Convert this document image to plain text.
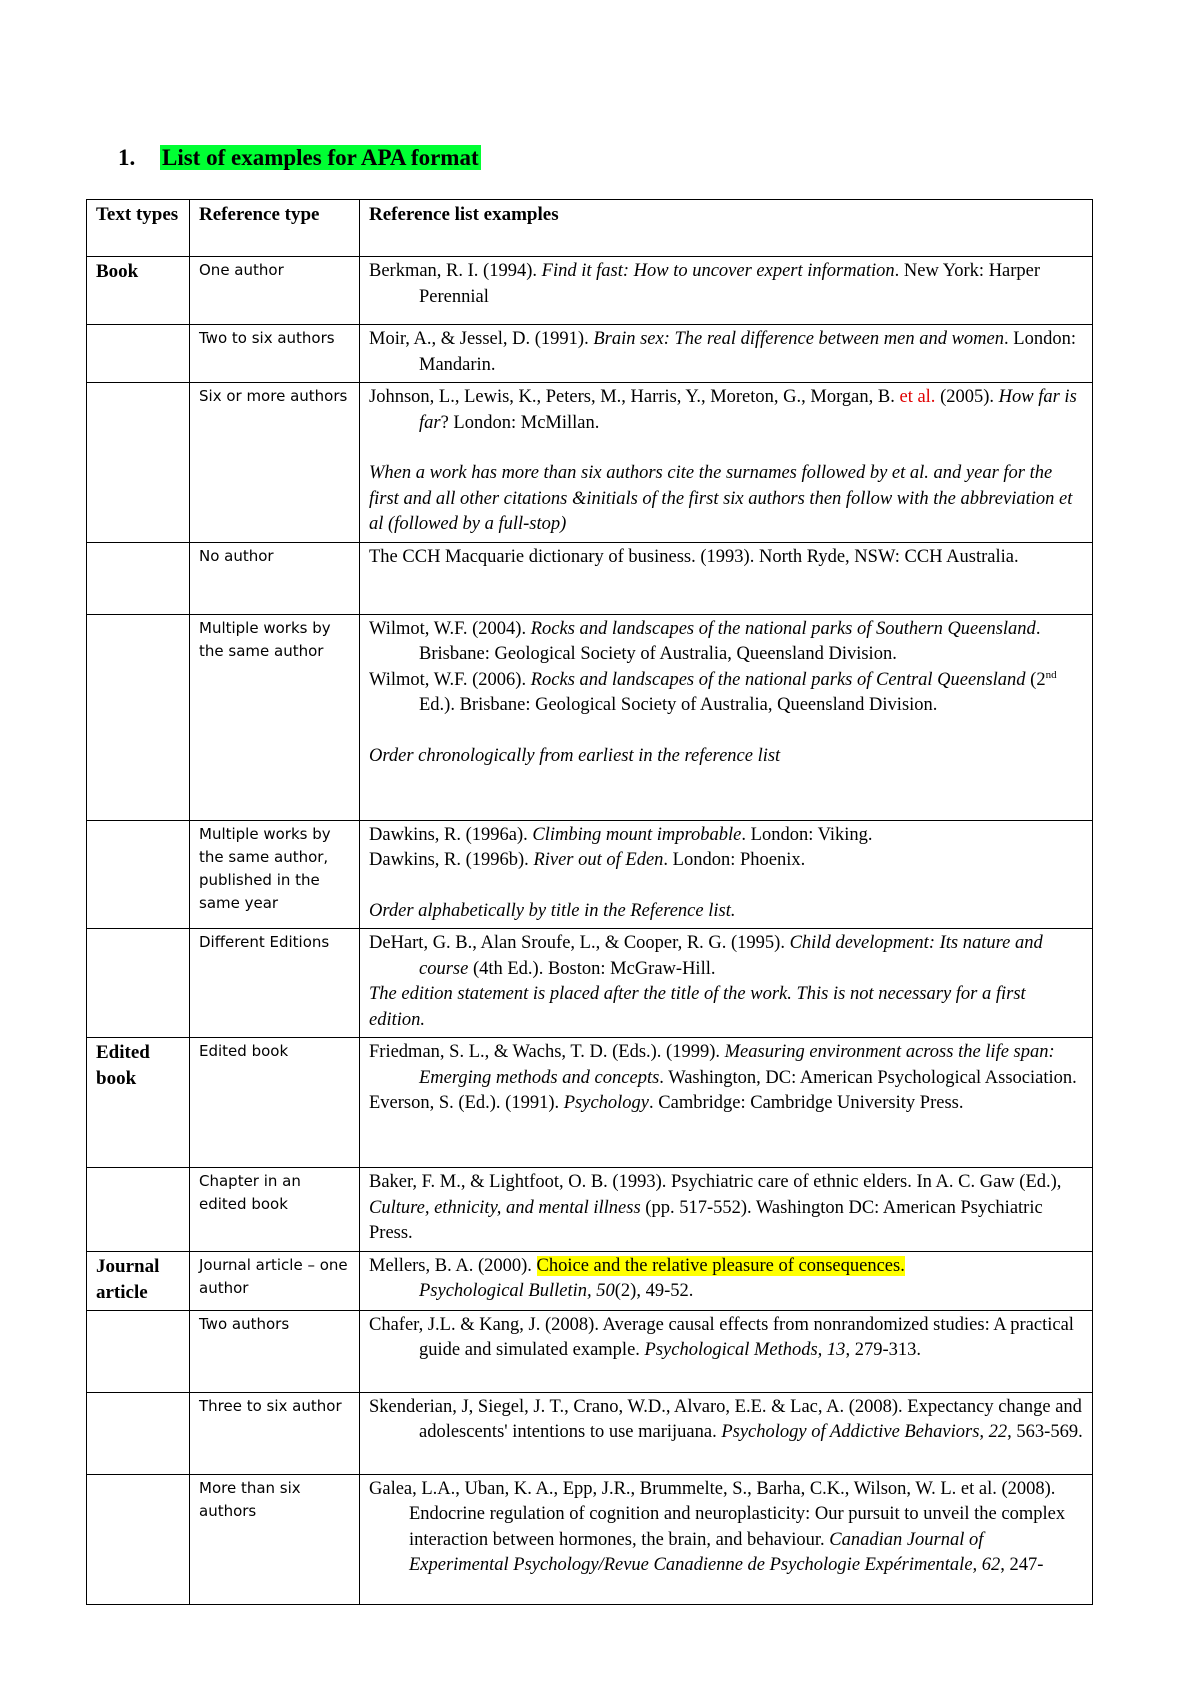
1. List of examples for APA format
Text types	Reference type	Reference list examples
Book	One author	Berkman, R. I. (1994). Find it fast: How to uncover expert information. New York: Harper Perennial

	Two to six authors	Moir, A., & Jessel, D. (1991). Brain sex: The real difference between men and women. London: Mandarin.

	Six or more authors	Johnson, L., Lewis, K., Peters, M., Harris, Y., Moreton, G., Morgan, B. et al. (2005). How far is far? London: McMillan.

When a work has more than six authors cite the surnames followed by et al. and year for the first and all other citations &initials of the first six authors then follow with the abbreviation et al (followed by a full-stop)

	No author	The CCH Macquarie dictionary of business. (1993). North Ryde, NSW: CCH Australia.

	Multiple works by the same author	Wilmot, W.F. (2004). Rocks and landscapes of the national parks of Southern Queensland. Brisbane: Geological Society of Australia, Queensland Division.

Wilmot, W.F. (2006). Rocks and landscapes of the national parks of Central Queensland (2nd Ed.). Brisbane: Geological Society of Australia, Queensland Division.

Order chronologically from earliest in the reference list

	Multiple works by the same author, published in the same year	Dawkins, R. (1996a). Climbing mount improbable. London: Viking.

Dawkins, R. (1996b). River out of Eden. London: Phoenix.

Order alphabetically by title in the Reference list.

	Different Editions	DeHart, G. B., Alan Sroufe, L., & Cooper, R. G. (1995). Child development: Its nature and course (4th Ed.). Boston: McGraw-Hill.

The edition statement is placed after the title of the work. This is not necessary for a first edition.

Edited book	Edited book	Friedman, S. L., & Wachs, T. D. (Eds.). (1999). Measuring environment across the life span: Emerging methods and concepts. Washington, DC: American Psychological Association.

Everson, S. (Ed.). (1991). Psychology. Cambridge: Cambridge University Press.

	Chapter in an edited book	Baker, F. M., & Lightfoot, O. B. (1993). Psychiatric care of ethnic elders. In A. C. Gaw (Ed.), Culture, ethnicity, and mental illness (pp. 517-552). Washington DC: American Psychiatric Press.

Journal article	Journal article – one author	Mellers, B. A. (2000). Choice and the relative pleasure of consequences.
Psychological Bulletin, 50(2), 49-52.

	Two authors	Chafer, J.L. & Kang, J. (2008). Average causal effects from nonrandomized studies: A practical guide and simulated example. Psychological Methods, 13, 279-313.

	Three to six author	Skenderian, J, Siegel, J. T., Crano, W.D., Alvaro, E.E. & Lac, A. (2008). Expectancy change and adolescents' intentions to use marijuana. Psychology of Addictive Behaviors, 22, 563-569.

	More than six authors	Galea, L.A., Uban, K. A., Epp, J.R., Brummelte, S., Barha, C.K., Wilson, W. L. et al. (2008). Endocrine regulation of cognition and neuroplasticity: Our pursuit to unveil the complex interaction between hormones, the brain, and behaviour. Canadian Journal of Experimental Psychology/Revue Canadienne de Psychologie Expérimentale, 62, 247-
